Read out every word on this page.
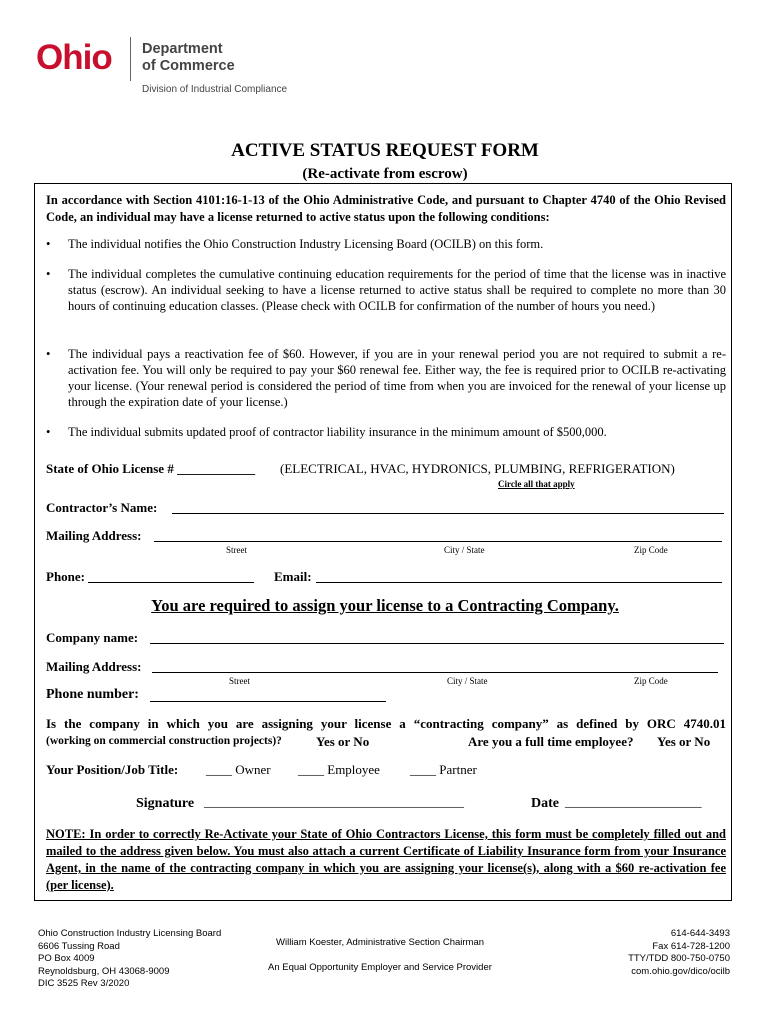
Ohio Department
of Commerce
Division of Industrial Compliance
ACTIVE STATUS REQUEST FORM
(Re-activate from escrow)
In accordance with Section 4101:16-1-13 of the Ohio Administrative Code, and pursuant to Chapter 4740 of the Ohio Revised Code, an individual may have a license returned to active status upon the following conditions:
• The individual notifies the Ohio Construction Industry Licensing Board (OCILB) on this form.
• The individual completes the cumulative continuing education requirements for the period of time that the license was in inactive status (escrow). An individual seeking to have a license returned to active status shall be required to complete no more than 30 hours of continuing education classes. (Please check with OCILB for confirmation of the number of hours you need.)
• The individual pays a reactivation fee of $60. However, if you are in your renewal period you are not required to submit a re-activation fee. You will only be required to pay your $60 renewal fee. Either way, the fee is required prior to OCILB re-activating your license. (Your renewal period is considered the period of time from when you are invoiced for the renewal of your license up through the expiration date of your license.)
• The individual submits updated proof of contractor liability insurance in the minimum amount of $500,000.
State of Ohio License # ____________ (ELECTRICAL, HVAC, HYDRONICS, PLUMBING, REFRIGERATION)
Circle all that apply
Contractor’s Name:
Mailing Address:
Street	City / State	Zip Code
Phone:	Email:
You are required to assign your license to a Contracting Company.
Company name:
Mailing Address:
Street	City / State	Zip Code
Phone number:
Is the company in which you are assigning your license a “contracting company” as defined by ORC 4740.01
(working on commercial construction projects)?	Yes or No	Are you a full time employee? Yes or No
Your Position/Job Title: ____ Owner ____ Employee ____ Partner
Signature ________________________________________	Date _____________________
NOTE: In order to correctly Re-Activate your State of Ohio Contractors License, this form must be completely filled out and mailed to the address given below. You must also attach a current Certificate of Liability Insurance form from your Insurance Agent, in the name of the contracting company in which you are assigning your license(s), along with a $60 re-activation fee (per license).
Ohio Construction Industry Licensing Board
6606 Tussing Road
PO Box 4009
Reynoldsburg, OH 43068-9009
DIC 3525 Rev 3/2020
William Koester, Administrative Section Chairman
An Equal Opportunity Employer and Service Provider
614-644-3493
Fax 614-728-1200
TTY/TDD 800-750-0750
com.ohio.gov/dico/ocilb
